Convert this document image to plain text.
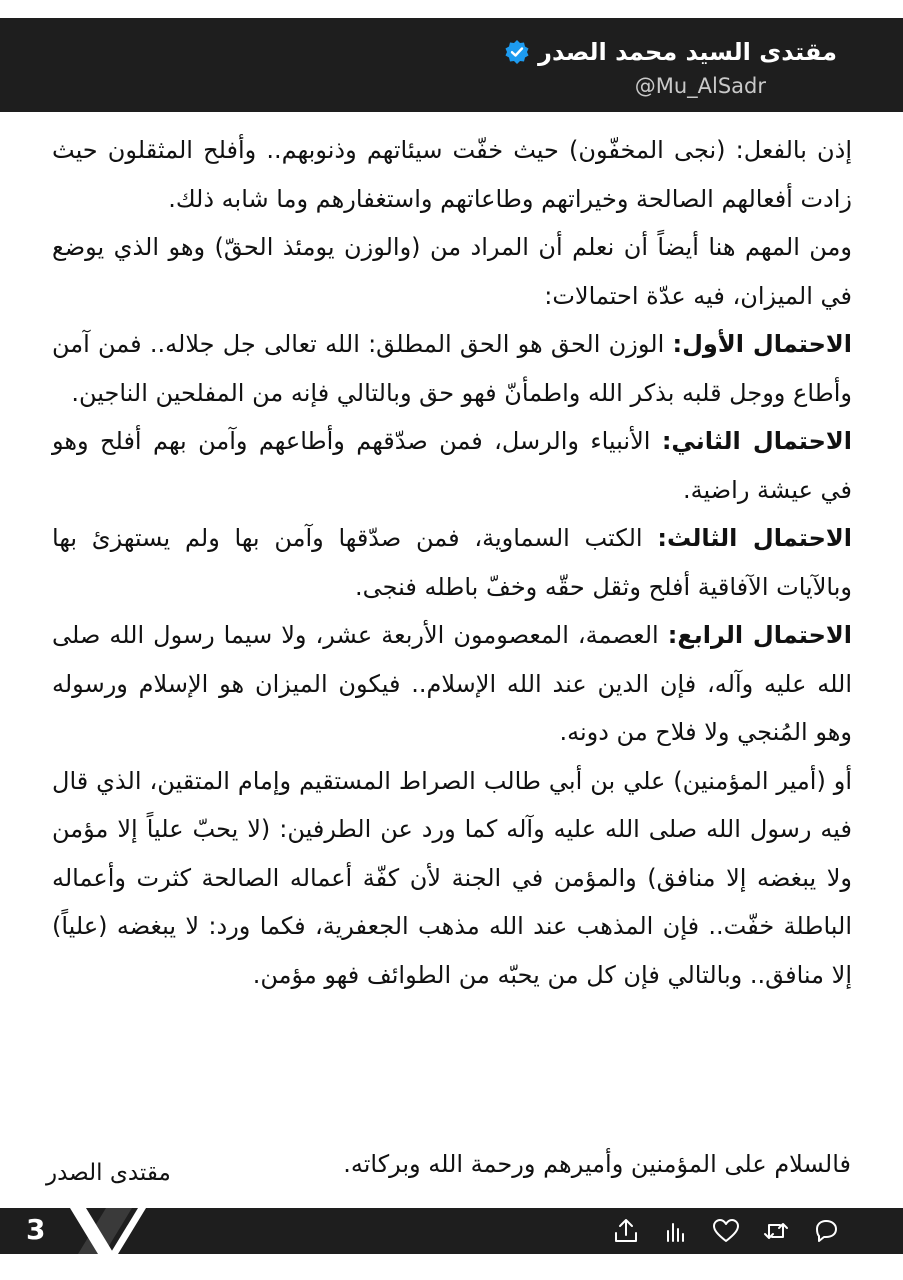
مقتدى السيد محمد الصدر
@Mu_AlSadr

إذن بالفعل: (نجى المخفّون) حيث خفّت سيئاتهم وذنوبهم.. وأفلح المثقلون حيث زادت أفعالهم الصالحة وخيراتهم وطاعاتهم واستغفارهم وما شابه ذلك.

ومن المهم هنا أيضاً أن نعلم أن المراد من (والوزن يومئذ الحقّ) وهو الذي يوضع في الميزان، فيه عدّة احتمالات:

الاحتمال الأول: الوزن الحق هو الحق المطلق: الله تعالى جل جلاله.. فمن آمن وأطاع ووجل قلبه بذكر الله واطمأنّ فهو حق وبالتالي فإنه من المفلحين الناجين.

الاحتمال الثاني: الأنبياء والرسل، فمن صدّقهم وأطاعهم وآمن بهم أفلح وهو في عيشة راضية.

الاحتمال الثالث: الكتب السماوية، فمن صدّقها وآمن بها ولم يستهزئ بها وبالآيات الآفاقية أفلح وثقل حقّه وخفّ باطله فنجى.

الاحتمال الرابع: العصمة، المعصومون الأربعة عشر، ولا سيما رسول الله صلى الله عليه وآله، فإن الدين عند الله الإسلام.. فيكون الميزان هو الإسلام ورسوله وهو المُنجي ولا فلاح من دونه.

أو (أمير المؤمنين) علي بن أبي طالب الصراط المستقيم وإمام المتقين، الذي قال فيه رسول الله صلى الله عليه وآله كما ورد عن الطرفين: (لا يحبّ علياً إلا مؤمن ولا يبغضه إلا منافق) والمؤمن في الجنة لأن كفّة أعماله الصالحة كثرت وأعماله الباطلة خفّت.. فإن المذهب عند الله مذهب الجعفرية، فكما ورد: لا يبغضه (علياً) إلا منافق.. وبالتالي فإن كل من يحبّه من الطوائف فهو مؤمن.

فالسلام على المؤمنين وأميرهم ورحمة الله وبركاته.
مقتدى الصدر
3
